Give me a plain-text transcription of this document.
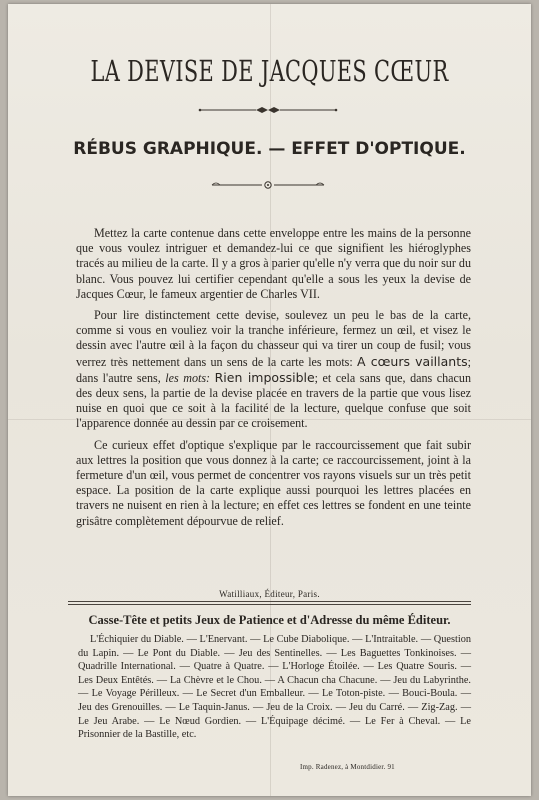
LA DEVISE DE JACQUES CŒUR
RÉBUS GRAPHIQUE. — EFFET D'OPTIQUE.

Mettez la carte contenue dans cette enveloppe entre les mains de la personne que vous voulez intriguer et demandez-lui ce que signifient les hiéroglyphes tracés au milieu de la carte. Il y a gros à parier qu'elle n'y verra que du noir sur du blanc. Vous pouvez lui certifier cependant qu'elle a sous les yeux la devise de Jacques Cœur, le fameux argentier de Charles VII.

Pour lire distinctement cette devise, soulevez un peu le bas de la carte, comme si vous en vouliez voir la tranche inférieure, fermez un œil, et visez le dessin avec l'autre œil à la façon du chasseur qui va tirer un coup de fusil; vous verrez très nettement dans un sens de la carte les mots: A cœurs vaillants; dans l'autre sens, les mots: Rien impossible; et cela sans que, dans chacun des deux sens, la partie de la devise placée en travers de la partie que vous lisez nuise en quoi que ce soit à la facilité de la lecture, quelque confuse que soit l'apparence donnée au dessin par ce croisement.

Ce curieux effet d'optique s'explique par le raccourcissement que fait subir aux lettres la position que vous donnez à la carte; ce raccourcissement, joint à la fermeture d'un œil, vous permet de concentrer vos rayons visuels sur un très petit espace. La position de la carte explique aussi pourquoi les lettres placées en travers ne nuisent en rien à la lecture; en effet ces lettres se fondent en une teinte grisâtre complètement dépourvue de relief.

Watilliaux, Éditeur, Paris.
Casse-Tête et petits Jeux de Patience et d'Adresse du même Éditeur.
L'Échiquier du Diable. — L'Enervant. — Le Cube Diabolique. — L'Intraitable. — Question du Lapin. — Le Pont du Diable. — Jeu des Sentinelles. — Les Baguettes Tonkinoises. — Quadrille International. — Quatre à Quatre. — L'Horloge Étoilée. — Les Quatre Souris. — Les Deux Entêtés. — La Chèvre et le Chou. — A Chacun cha Chacune. — Jeu du Labyrinthe. — Le Voyage Périlleux. — Le Secret d'un Emballeur. — Le Toton-piste. — Bouci-Boula. — Jeu des Grenouilles. — Le Taquin-Janus. — Jeu de la Croix. — Jeu du Carré. — Zig-Zag. — Le Jeu Arabe. — Le Nœud Gordien. — L'Équipage décimé. — Le Fer à Cheval. — Le Prisonnier de la Bastille, etc.
Imp. Radenez, à Montdidier. 91
